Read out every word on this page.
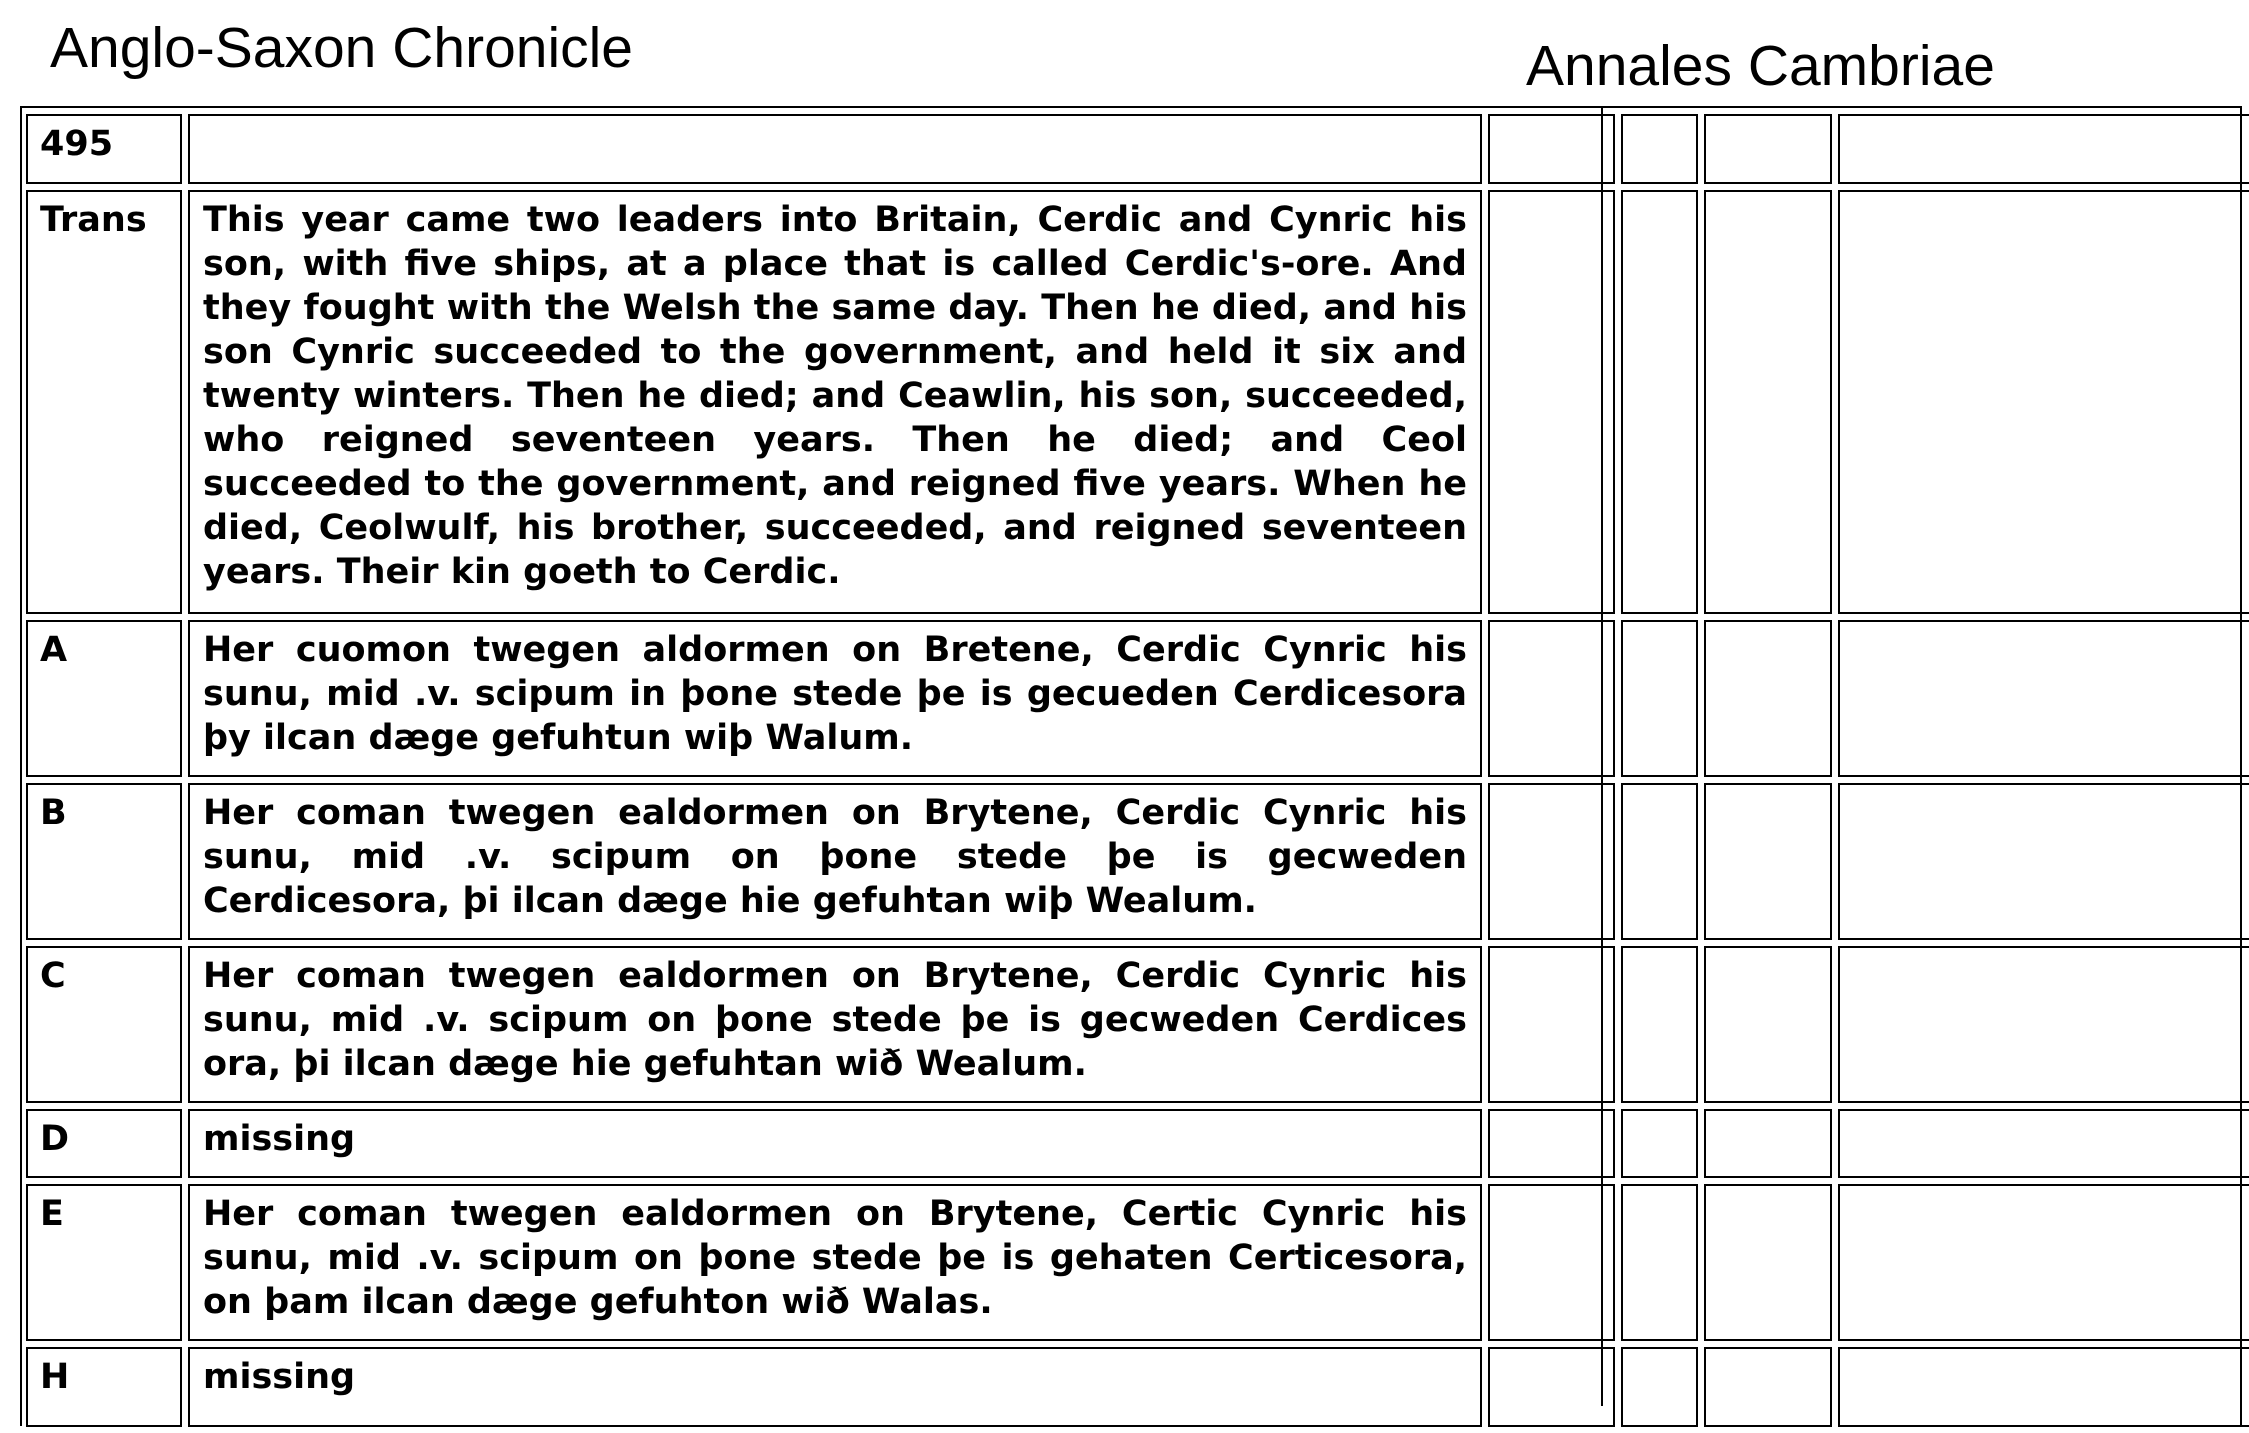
Anglo-Saxon Chronicle	Annales Cambriae
495					
Trans	This year came two leaders into Britain, Cerdic and Cynric his son, with five ships, at a place that is called Cerdic's-ore. And they fought with the Welsh the same day. Then he died, and his son Cynric succeeded to the government, and held it six and twenty winters. Then he died; and Ceawlin, his son, succeeded, who reigned seventeen years. Then he died; and Ceol succeeded to the government, and reigned five years. When he died, Ceolwulf, his brother, succeeded, and reigned seventeen years. Their kin goeth to Cerdic.				
A	Her cuomon twegen aldormen on Bretene, Cerdic Cynric his sunu, mid .v. scipum in þone stede þe is gecueden Cerdicesora þy ilcan dæge gefuhtun wiþ Walum.				
B	Her coman twegen ealdormen on Brytene, Cerdic Cynric his sunu, mid .v. scipum on þone stede þe is gecweden Cerdicesora, þi ilcan dæge hie gefuhtan wiþ Wealum.				
C	Her coman twegen ealdormen on Brytene, Cerdic Cynric his sunu, mid .v. scipum on þone stede þe is gecweden Cerdices ora, þi ilcan dæge hie gefuhtan wið Wealum.				
D	missing				
E	Her coman twegen ealdormen on Brytene, Certic Cynric his sunu, mid .v. scipum on þone stede þe is gehaten Certicesora, on þam ilcan dæge gefuhton wið Walas.				
H	missing				
